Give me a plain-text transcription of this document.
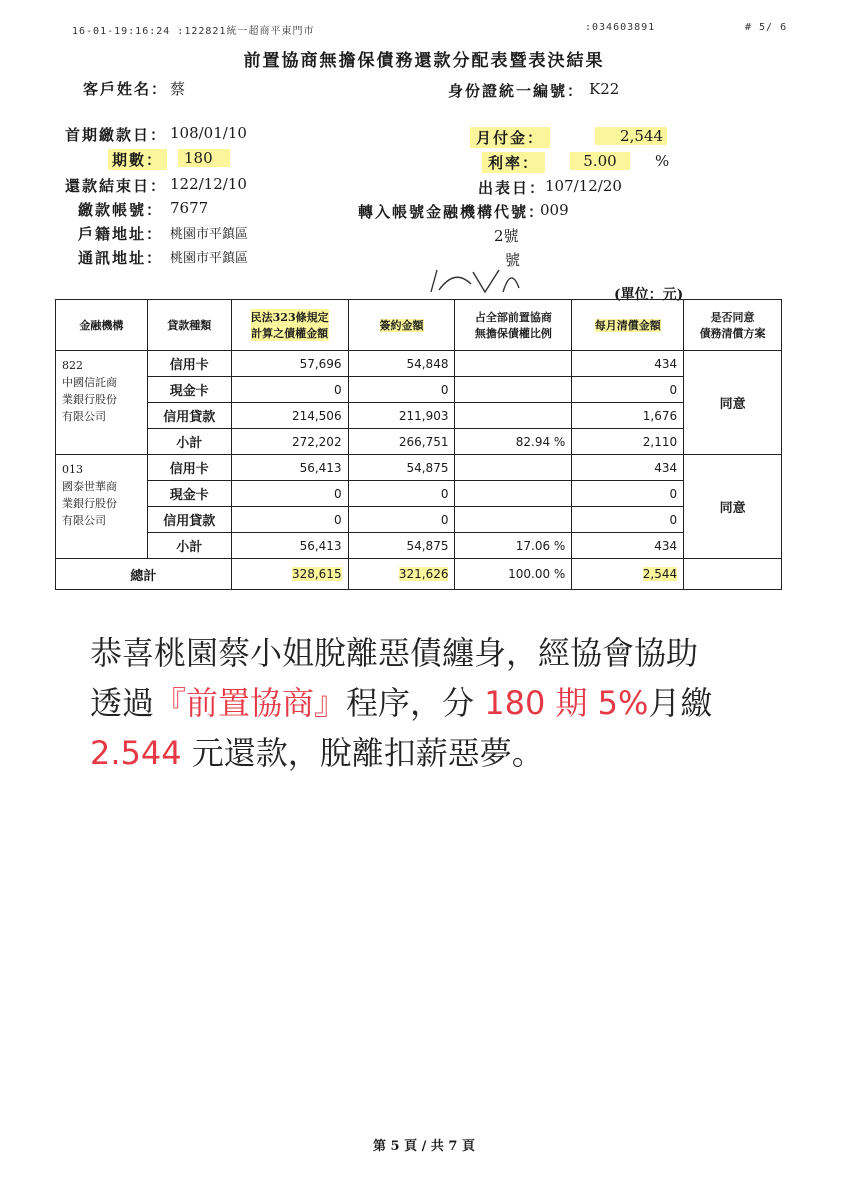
16-01-19:16:24 :122821統一超商平東門市	:034603891	# 5/ 6
前置協商無擔保債務還款分配表暨表決結果
客戶姓名： 蔡	身份證統一編號： K22
首期繳款日： 108/01/10	月付金：	2,544
期數：	180	利率：	5.00	%
還款結束日： 122/12/10	出表日：
107/12/20
繳款帳號： 7677	轉入帳號金融機構代號：
009
戶籍地址： 桃園市平鎮區	2號
通訊地址： 桃園市平鎮區	號
(單位：元)
金融機構	貸款種類	民法323條規定
計算之債權金額	簽約金額	占全部前置協商
無擔保債權比例	每月清償金額	是否同意
債務清償方案
822
中國信託商
業銀行股份
有限公司	信用卡	57,696	54,848		434	同意
	現金卡	0	0		0	
	信用貸款	214,506	211,903		1,676	
	小計	272,202	266,751	82.94 %	2,110	
013
國泰世華商
業銀行股份
有限公司	信用卡	56,413	54,875		434	同意
	現金卡	0	0		0	
	信用貸款	0	0		0	
	小計	56,413	54,875	17.06 %	434	
總計		328,615	321,626	100.00 %	2,544	
恭喜桃園蔡小姐脫離惡債纏身，經協會協助
透過『前置協商』程序，分 180 期 5%月繳
2.544 元還款，脫離扣薪惡夢。
第 5 頁 / 共 7 頁
